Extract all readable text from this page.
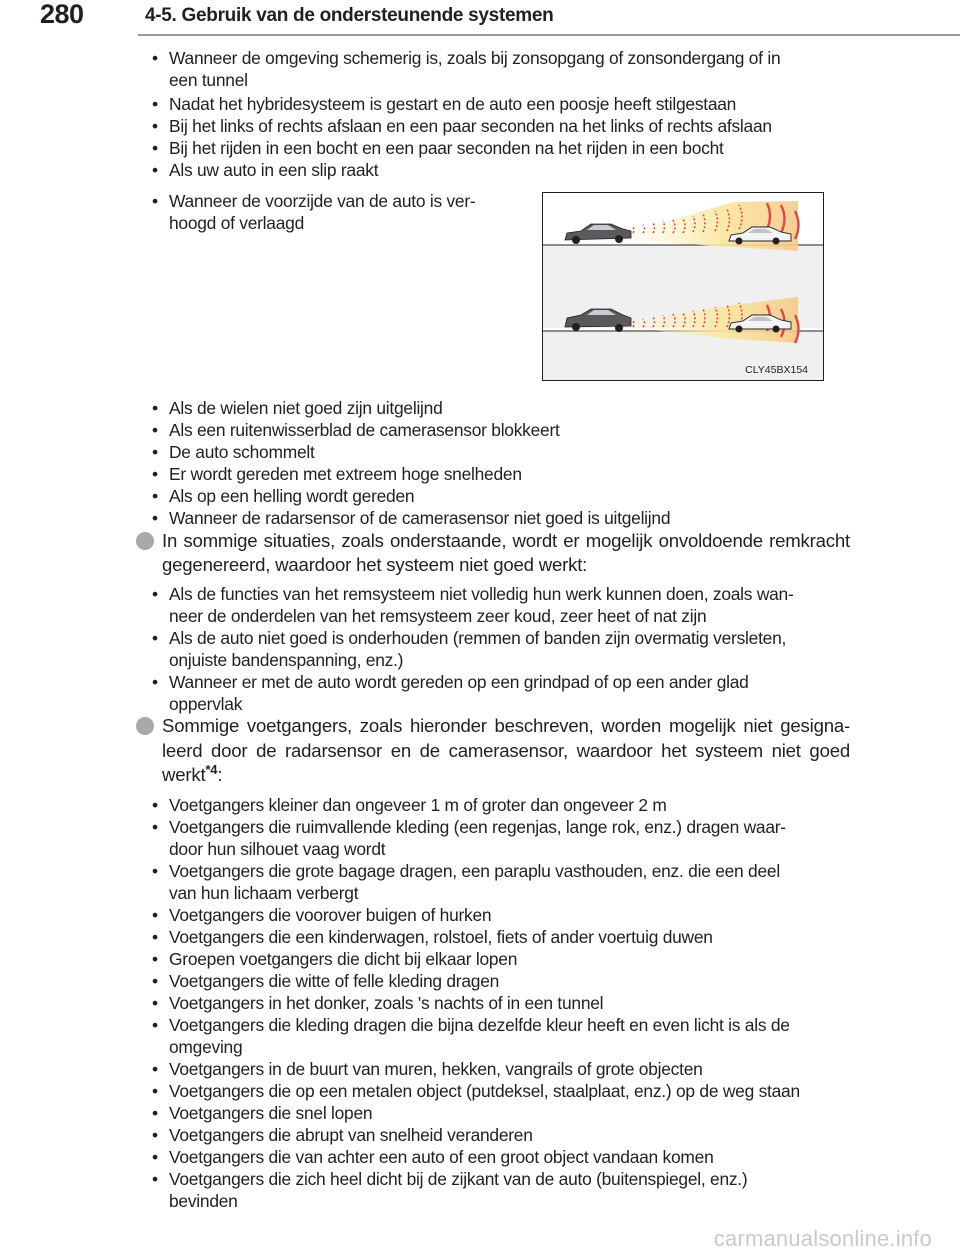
280	4-5. Gebruik van de ondersteunende systemen
• Wanneer de omgeving schemerig is, zoals bij zonsopgang of zonsondergang of in
een tunnel
• Nadat het hybridesysteem is gestart en de auto een poosje heeft stilgestaan
• Bij het links of rechts afslaan en een paar seconden na het links of rechts afslaan
• Bij het rijden in een bocht en een paar seconden na het rijden in een bocht
• Als uw auto in een slip raakt
• Wanneer de voorzijde van de auto is ver-
hoogd of verlaagd
CLY45BX154
• Als de wielen niet goed zijn uitgelijnd
• Als een ruitenwisserblad de camerasensor blokkeert
• De auto schommelt
• Er wordt gereden met extreem hoge snelheden
• Als op een helling wordt gereden
• Wanneer de radarsensor of de camerasensor niet goed is uitgelijnd
In sommige situaties, zoals onderstaande, wordt er mogelijk onvoldoende remkracht gegenereerd, waardoor het systeem niet goed werkt:
• Als de functies van het remsysteem niet volledig hun werk kunnen doen, zoals wan-
neer de onderdelen van het remsysteem zeer koud, zeer heet of nat zijn
• Als de auto niet goed is onderhouden (remmen of banden zijn overmatig versleten,
onjuiste bandenspanning, enz.)
• Wanneer er met de auto wordt gereden op een grindpad of op een ander glad
oppervlak
Sommige voetgangers, zoals hieronder beschreven, worden mogelijk niet gesigna-leerd door de radarsensor en de camerasensor, waardoor het systeem niet goed werkt$^{*4}$:
• Voetgangers kleiner dan ongeveer 1 m of groter dan ongeveer 2 m
• Voetgangers die ruimvallende kleding (een regenjas, lange rok, enz.) dragen waar-
door hun silhouet vaag wordt
• Voetgangers die grote bagage dragen, een paraplu vasthouden, enz. die een deel
van hun lichaam verbergt
• Voetgangers die voorover buigen of hurken
• Voetgangers die een kinderwagen, rolstoel, fiets of ander voertuig duwen
• Groepen voetgangers die dicht bij elkaar lopen
• Voetgangers die witte of felle kleding dragen
• Voetgangers in het donker, zoals 's nachts of in een tunnel
• Voetgangers die kleding dragen die bijna dezelfde kleur heeft en even licht is als de
omgeving
• Voetgangers in de buurt van muren, hekken, vangrails of grote objecten
• Voetgangers die op een metalen object (putdeksel, staalplaat, enz.) op de weg staan
• Voetgangers die snel lopen
• Voetgangers die abrupt van snelheid veranderen
• Voetgangers die van achter een auto of een groot object vandaan komen
• Voetgangers die zich heel dicht bij de zijkant van de auto (buitenspiegel, enz.)
bevinden
carmanualsonline.info
